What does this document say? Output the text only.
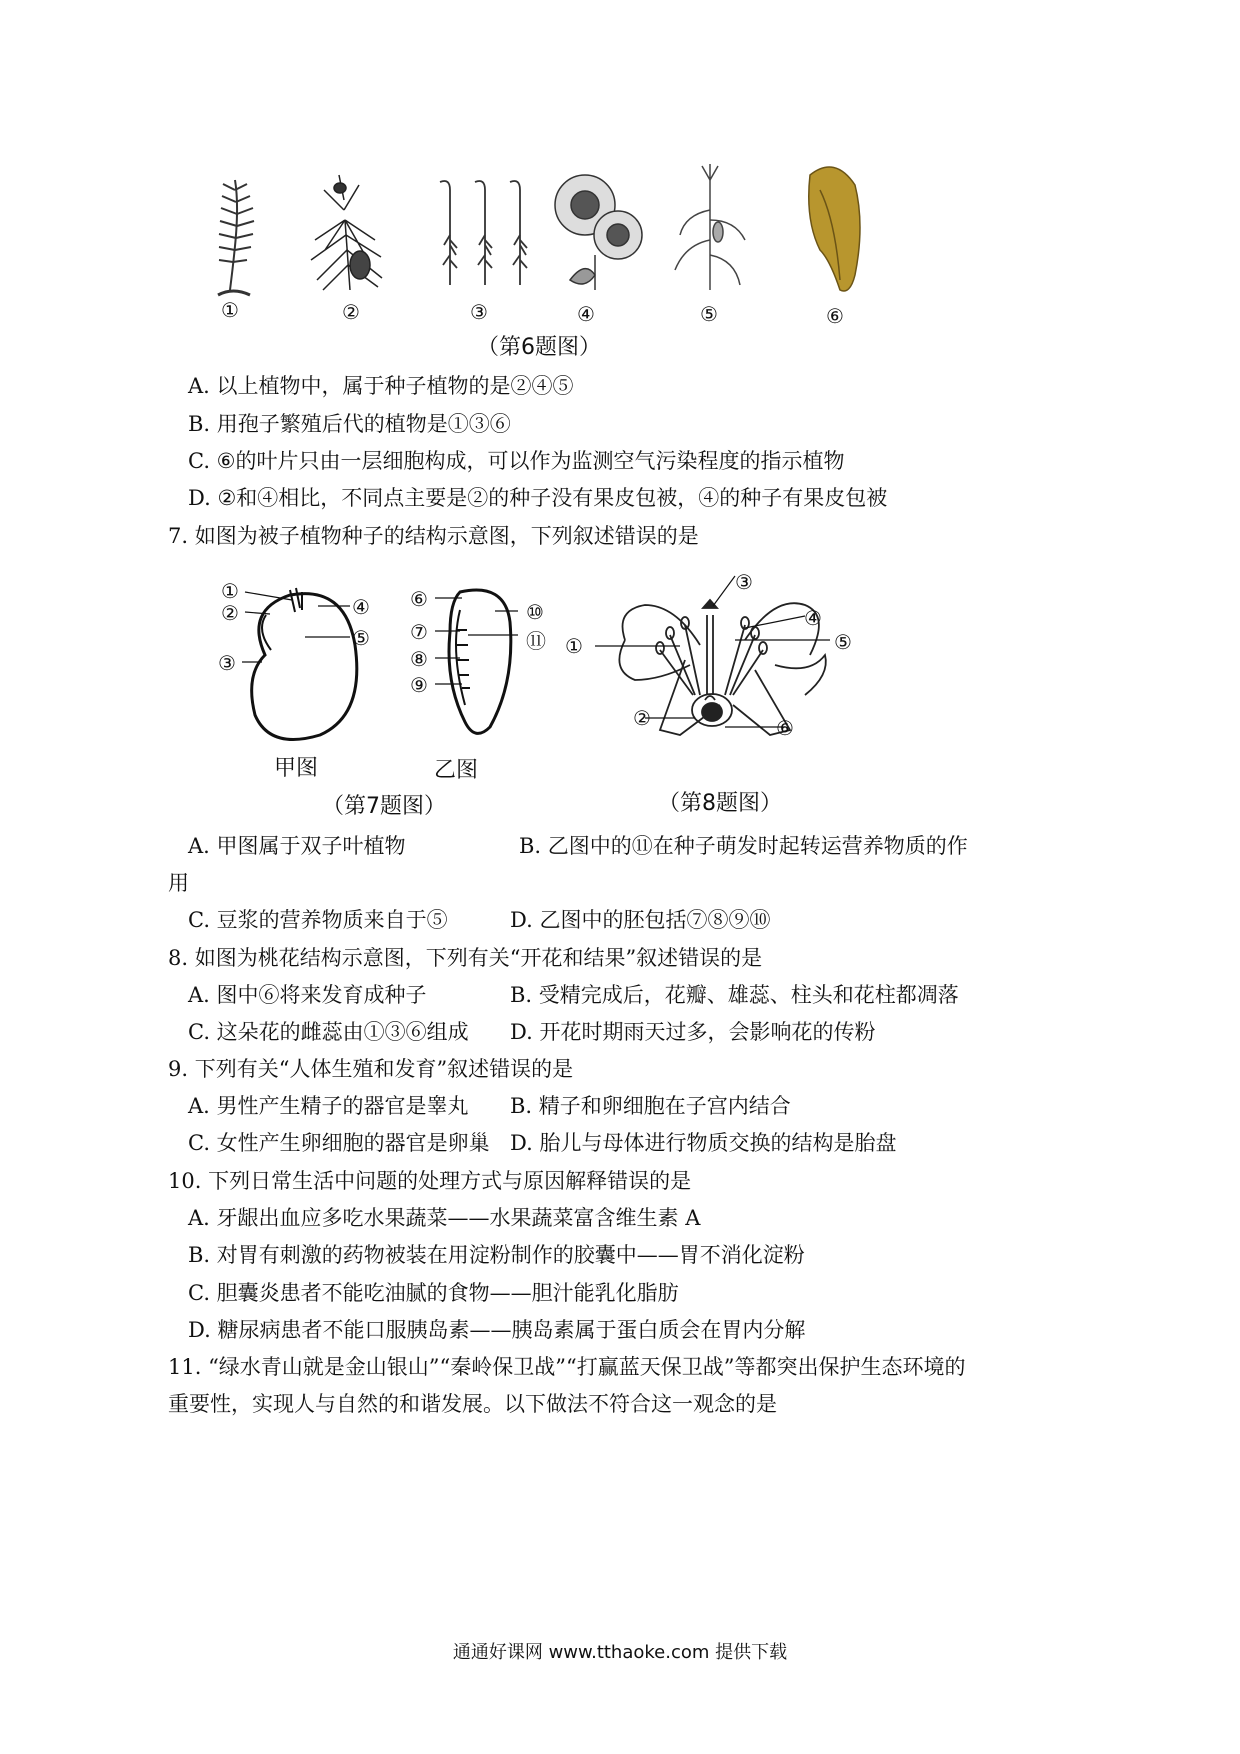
①	②	③	④	⑤	⑥
（第6题图）
A. 以上植物中，属于种子植物的是②④⑤
B. 用孢子繁殖后代的植物是①③⑥
C. ⑥的叶片只由一层细胞构成，可以作为监测空气污染程度的指示植物
D. ②和④相比，不同点主要是②的种子没有果皮包被，④的种子有果皮包被
7. 如图为被子植物种子的结构示意图，下列叙述错误的是
①
②	④
⑤
③
⑥
⑩
⑦	⑪
⑧
⑨
甲图	乙图
（第7题图）
③
④
①	⑤
②	⑥
（第8题图）
A. 甲图属于双子叶植物	B. 乙图中的⑪在种子萌发时起转运营养物质的作
用
C. 豆浆的营养物质来自于⑤	D. 乙图中的胚包括⑦⑧⑨⑩
8. 如图为桃花结构示意图，下列有关“开花和结果”叙述错误的是
A. 图中⑥将来发育成种子	B. 受精完成后，花瓣、雄蕊、柱头和花柱都凋落
C. 这朵花的雌蕊由①③⑥组成 D. 开花时期雨天过多，会影响花的传粉
9. 下列有关“人体生殖和发育”叙述错误的是
A. 男性产生精子的器官是睾丸 B. 精子和卵细胞在子宫内结合
C. 女性产生卵细胞的器官是卵巢 D. 胎儿与母体进行物质交换的结构是胎盘
10. 下列日常生活中问题的处理方式与原因解释错误的是
A. 牙龈出血应多吃水果蔬菜——水果蔬菜富含维生素 A
B. 对胃有刺激的药物被装在用淀粉制作的胶囊中——胃不消化淀粉
C. 胆囊炎患者不能吃油腻的食物——胆汁能乳化脂肪
D. 糖尿病患者不能口服胰岛素——胰岛素属于蛋白质会在胃内分解
11. “绿水青山就是金山银山”“秦岭保卫战”“打赢蓝天保卫战”等都突出保护生态环境的
重要性，实现人与自然的和谐发展。以下做法不符合这一观念的是
通通好课网 www.tthaoke.com 提供下载
